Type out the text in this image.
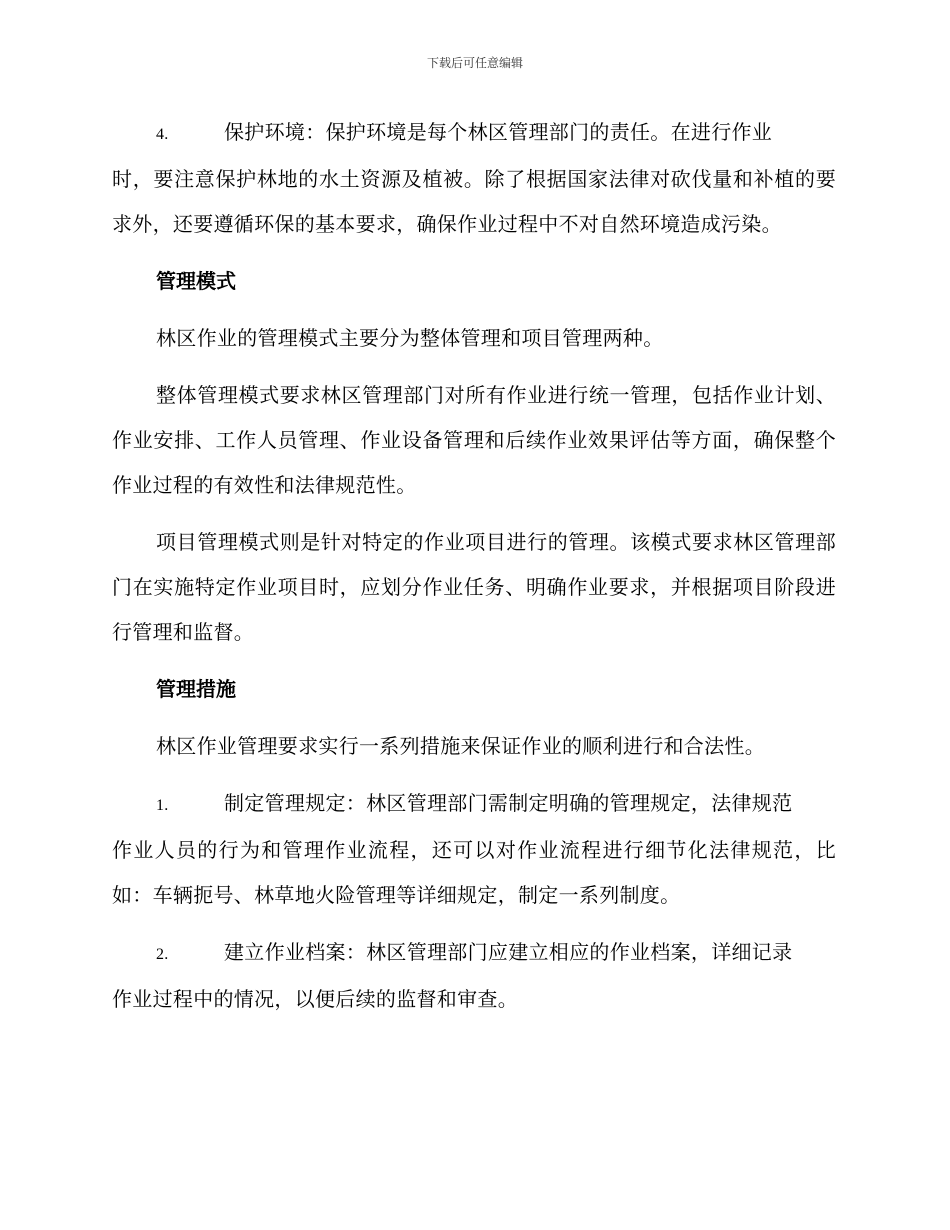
下载后可任意编辑

4.	保护环境：保护环境是每个林区管理部门的责任。在进行作业

时，要注意保护林地的水土资源及植被。除了根据国家法律对砍伐量和补植的要求外，还要遵循环保的基本要求，确保作业过程中不对自然环境造成污染。

管理模式

林区作业的管理模式主要分为整体管理和项目管理两种。

整体管理模式要求林区管理部门对所有作业进行统一管理，包括作业计划、作业安排、工作人员管理、作业设备管理和后续作业效果评估等方面，确保整个作业过程的有效性和法律规范性。

项目管理模式则是针对特定的作业项目进行的管理。该模式要求林区管理部门在实施特定作业项目时，应划分作业任务、明确作业要求，并根据项目阶段进行管理和监督。

管理措施

林区作业管理要求实行一系列措施来保证作业的顺利进行和合法性。

1.	制定管理规定：林区管理部门需制定明确的管理规定，法律规范

作业人员的行为和管理作业流程，还可以对作业流程进行细节化法律规范，比如：车辆扼号、林草地火险管理等详细规定，制定一系列制度。

2.	建立作业档案：林区管理部门应建立相应的作业档案，详细记录

作业过程中的情况，以便后续的监督和审查。
